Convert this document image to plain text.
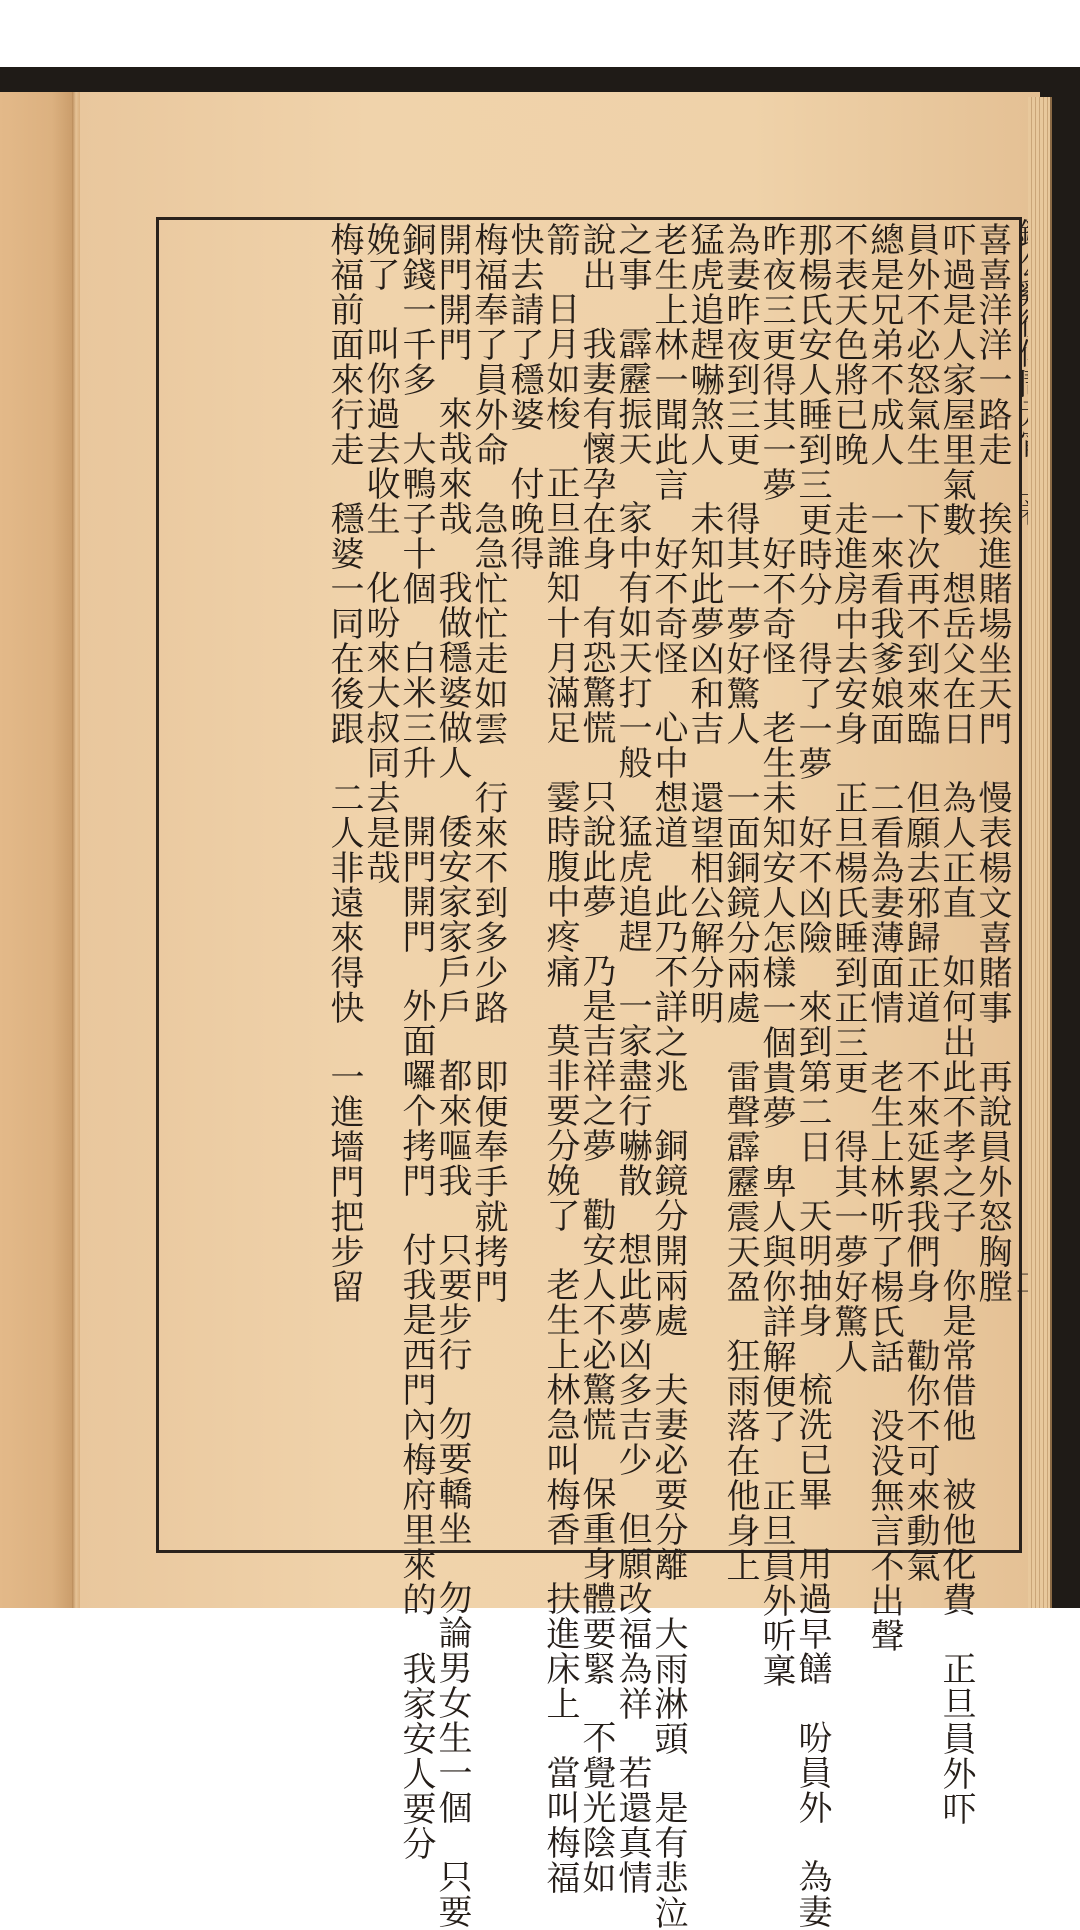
喜喜洋洋一路走挨進賭場坐天門慢表楊文喜賭事再說員外怒胸膛
吓過是人家屋里氣數想岳父在日為人正直如何出此不孝之子你是常借他被他化費正旦員外吓
員外不必怒氣生下次再不到來臨但願去邪歸正道不來延累我們身勸你不可來動氣
總是兄弟不成人一來看我爹娘面二看為妻薄面情老生上林听了楊氏話没没無言不出聲
不表天色將已晚走進房中去安身正旦楊氏睡到正三更得其一夢好驚人
那楊氏安人睡到三更時分得了一夢好不凶險來到第二日天明抽身梳洗已畢用過早饍吩員外為妻
昨夜三更得其一夢好不奇怪老生未知安人怎樣一個貴夢卑人與你詳解便了正旦員外听稟
為妻昨夜到三更得其一夢好驚人一面銅鏡分兩處雷聲霹靂震天盈狂雨落在他身上
猛虎追趕嚇煞人未知此夢凶和吉還望相公解分明
老生上林一聞此言好不奇怪心中想道此乃不詳之兆銅鏡分開兩處夫妻必要分離大雨淋頭是有悲泣
之事霹靂振天家中有如天打一般猛虎追趕一家盡行嚇散想此夢凶多吉少但願改福為祥若還真情
說出我妻有懷孕在身有恐驚慌只說此夢乃是吉祥之夢勸安人不必驚慌保重身體要緊不覺光陰如
箭日月如梭正旦誰知十月滿足霎時腹中疼痛莫非要分娩了老生上林急叫梅香扶進床上當叫梅福
快去請了穩婆付晚得
梅福奉了員外命急急忙忙走如雲行來不到多少路即便奉手就拷門
開門開門來哉來哉我做穩婆做人倭安家家戶戶都來嘔我只要步行勿要轎坐勿論男女生一個只要
銅錢一千多大鴨子十個白米三升開門開門外面囉个拷門付我是西門內梅府里來的我家安人要分
娩了叫你過去收生化吩來大叔同去是哉
梅福前面來行走穩婆一同在後跟二人非遠來得快一進墻門把步留
